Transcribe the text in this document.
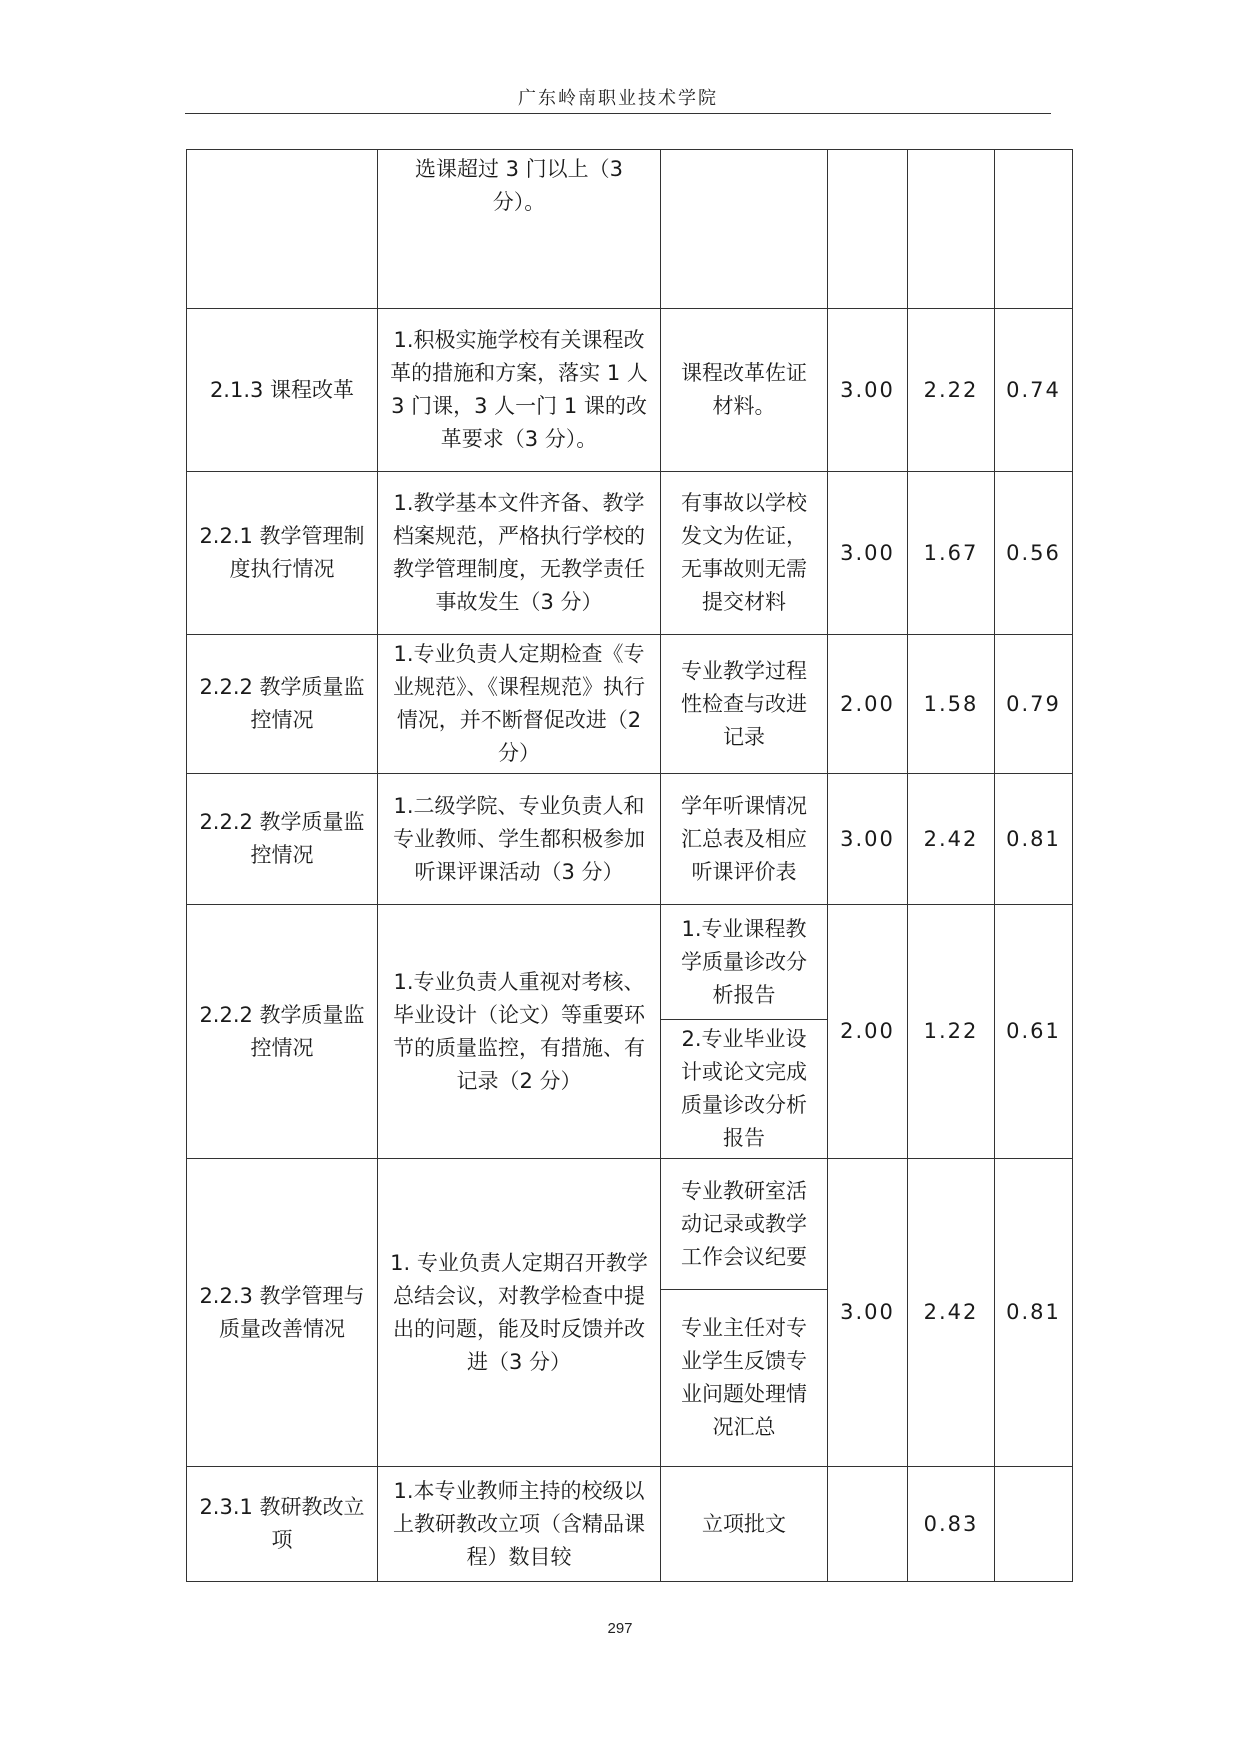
广东岭南职业技术学院
	选课超过 3 门以上（3 分）。				
2.1.3 课程改革	1.积极实施学校有关课程改革的措施和方案，落实 1 人 3 门课，3 人一门 1 课的改革要求（3 分）。	课程改革佐证材料。	3.00	2.22	0.74
2.2.1 教学管理制度执行情况	1.教学基本文件齐备、教学档案规范，严格执行学校的教学管理制度，无教学责任事故发生（3 分）	有事故以学校发文为佐证，无事故则无需提交材料	3.00	1.67	0.56
2.2.2 教学质量监控情况	1.专业负责人定期检查《专业规范》、《课程规范》执行情况，并不断督促改进（2 分）	专业教学过程性检查与改进记录	2.00	1.58	0.79
2.2.2 教学质量监控情况	1.二级学院、专业负责人和专业教师、学生都积极参加听课评课活动（3 分）	学年听课情况汇总表及相应听课评价表	3.00	2.42	0.81
2.2.2 教学质量监控情况	1.专业负责人重视对考核、毕业设计（论文）等重要环节的质量监控，有措施、有记录（2 分）	1.专业课程教学质量诊改分析报告	2.00	1.22	0.61
		2.专业毕业设计或论文完成质量诊改分析报告			
2.2.3 教学管理与质量改善情况	1. 专业负责人定期召开教学总结会议，对教学检查中提出的问题，能及时反馈并改进（3 分）	专业教研室活动记录或教学工作会议纪要	3.00	2.42	0.81
		专业主任对专业学生反馈专业问题处理情况汇总			
2.3.1 教研教改立项	1.本专业教师主持的校级以上教研教改立项（含精品课程）数目较	立项批文		0.83	
297
